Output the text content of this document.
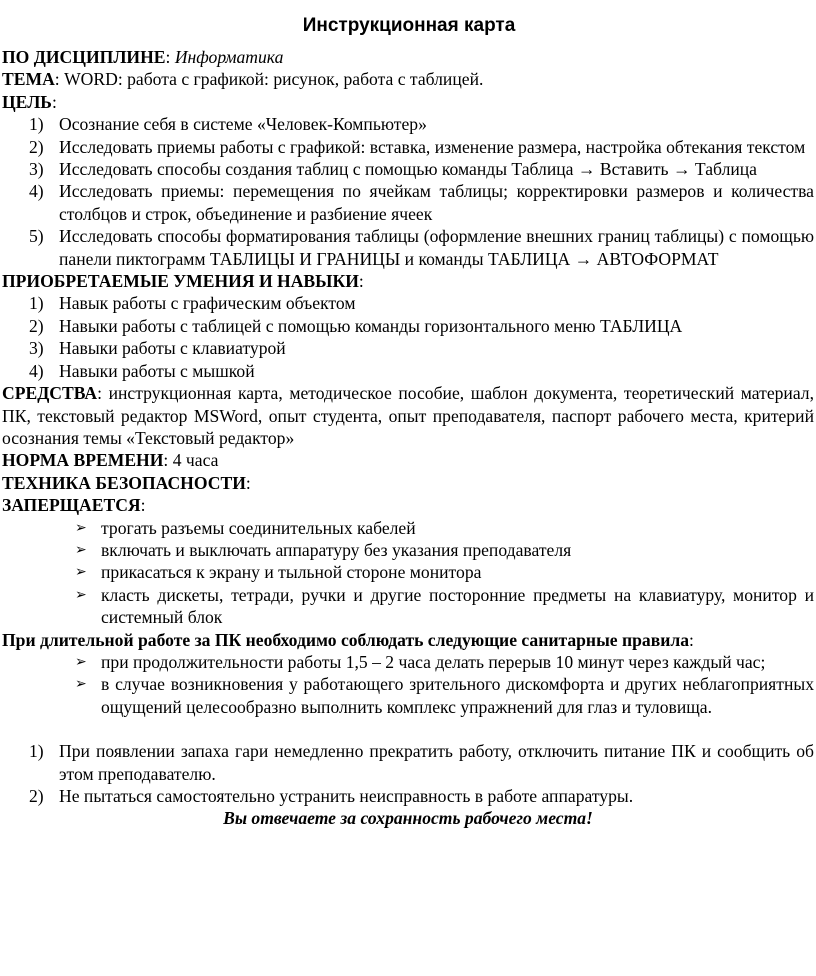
Инструкционная карта

ПО ДИСЦИПЛИНЕ: Информатика

ТЕМА: WORD: работа с графикой: рисунок, работа с таблицей.

ЦЕЛЬ:

1) Осознание себя в системе «Человек-Компьютер»
2) Исследовать приемы работы с графикой: вставка, изменение размера, настройка обтекания текстом
3) Исследовать способы создания таблиц с помощью команды Таблица → Вставить → Таблица
4) Исследовать приемы: перемещения по ячейкам таблицы; корректировки размеров и количества столбцов и строк, объединение и разбиение ячеек
5) Исследовать способы форматирования таблицы (оформление внешних границ таблицы) с помощью панели пиктограмм ТАБЛИЦЫ И ГРАНИЦЫ и команды ТАБЛИЦА → АВТОФОРМАТ

ПРИОБРЕТАЕМЫЕ УМЕНИЯ И НАВЫКИ:

1) Навык работы с графическим объектом
2) Навыки работы с таблицей с помощью команды горизонтального меню ТАБЛИЦА
3) Навыки работы с клавиатурой
4) Навыки работы с мышкой

СРЕДСТВА: инструкционная карта, методическое пособие, шаблон документа, теоретический материал, ПК, текстовый редактор MSWord, опыт студента, опыт преподавателя, паспорт рабочего места, критерий осознания темы «Текстовый редактор»

НОРМА ВРЕМЕНИ: 4 часа

ТЕХНИКА БЕЗОПАСНОСТИ:

ЗАПЕРЩАЕТСЯ:

➢ трогать разъемы соединительных кабелей
➢ включать и выключать аппаратуру без указания преподавателя
➢ прикасаться к экрану и тыльной стороне монитора
➢ класть дискеты, тетради, ручки и другие посторонние предметы на клавиатуру, монитор и системный блок

При длительной работе за ПК необходимо соблюдать следующие санитарные правила:

➢ при продолжительности работы 1,5 – 2 часа делать перерыв 10 минут через каждый час;
➢ в случае возникновения у работающего зрительного дискомфорта и других неблагоприятных ощущений целесообразно выполнить комплекс упражнений для глаз и туловища.
1) При появлении запаха гари немедленно прекратить работу, отключить питание ПК и сообщить об этом преподавателю.
2) Не пытаться самостоятельно устранить неисправность в работе аппаратуры.

Вы отвечаете за сохранность рабочего места!
